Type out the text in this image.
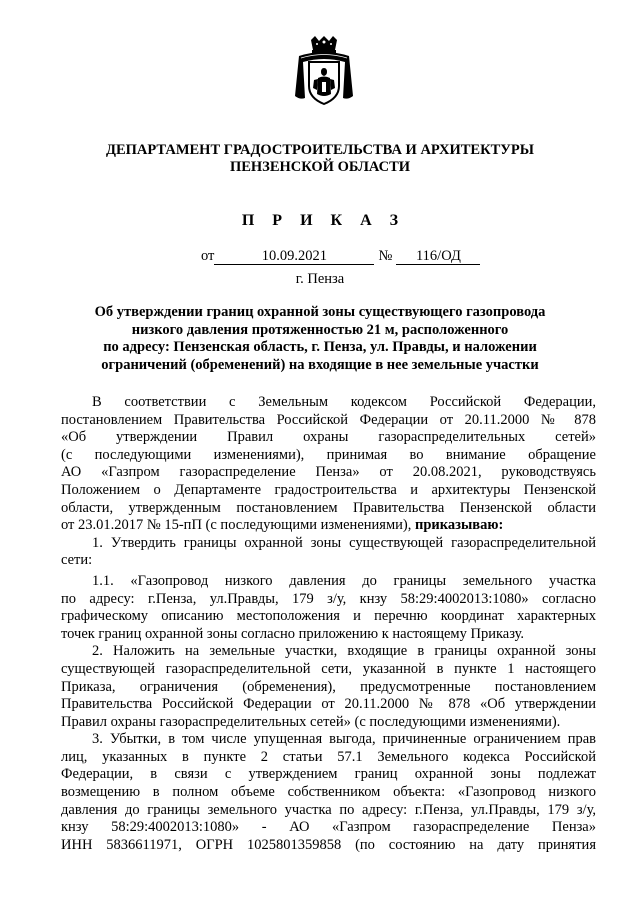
ДЕПАРТАМЕНТ ГРАДОСТРОИТЕЛЬСТВА И АРХИТЕКТУРЫ
ПЕНЗЕНСКОЙ ОБЛАСТИ
П Р И К А З
от	10.09.2021	№ 116/ОД
г. Пенза
Об утверждении границ охранной зоны существующего газопровода
низкого давления протяженностью 21 м, расположенного
по адресу: Пензенская область, г. Пенза, ул. Правды, и наложении
ограничений (обременений) на входящие в нее земельные участки
В соответствии с Земельным кодексом Российской Федерации,
постановлением Правительства Российской Федерации от 20.11.2000 № 878
«Об утверждении Правил охраны газораспределительных сетей»
(с последующими изменениями), принимая во внимание обращение
АО «Газпром газораспределение Пенза» от 20.08.2021, руководствуясь
Положением о Департаменте градостроительства и архитектуры Пензенской
области, утвержденным постановлением Правительства Пензенской области
от 23.01.2017 № 15-пП (с последующими изменениями), приказываю:
1. Утвердить границы охранной зоны существующей газораспределительной
сети:
1.1. «Газопровод низкого давления до границы земельного участка
по адресу: г.Пенза, ул.Правды, 179 з/у, кнзу 58:29:4002013:1080» согласно
графическому описанию местоположения и перечню координат характерных
точек границ охранной зоны согласно приложению к настоящему Приказу.
2. Наложить на земельные участки, входящие в границы охранной зоны
существующей газораспределительной сети, указанной в пункте 1 настоящего
Приказа, ограничения (обременения), предусмотренные постановлением
Правительства Российской Федерации от 20.11.2000 № 878 «Об утверждении
Правил охраны газораспределительных сетей» (с последующими изменениями).
3. Убытки, в том числе упущенная выгода, причиненные ограничением прав
лиц, указанных в пункте 2 статьи 57.1 Земельного кодекса Российской
Федерации, в связи с утверждением границ охранной зоны подлежат
возмещению в полном объеме собственником объекта: «Газопровод низкого
давления до границы земельного участка по адресу: г.Пенза, ул.Правды, 179 з/у,
кнзу 58:29:4002013:1080» - АО «Газпром газораспределение Пенза»
ИНН 5836611971, ОГРН 1025801359858 (по состоянию на дату принятия
